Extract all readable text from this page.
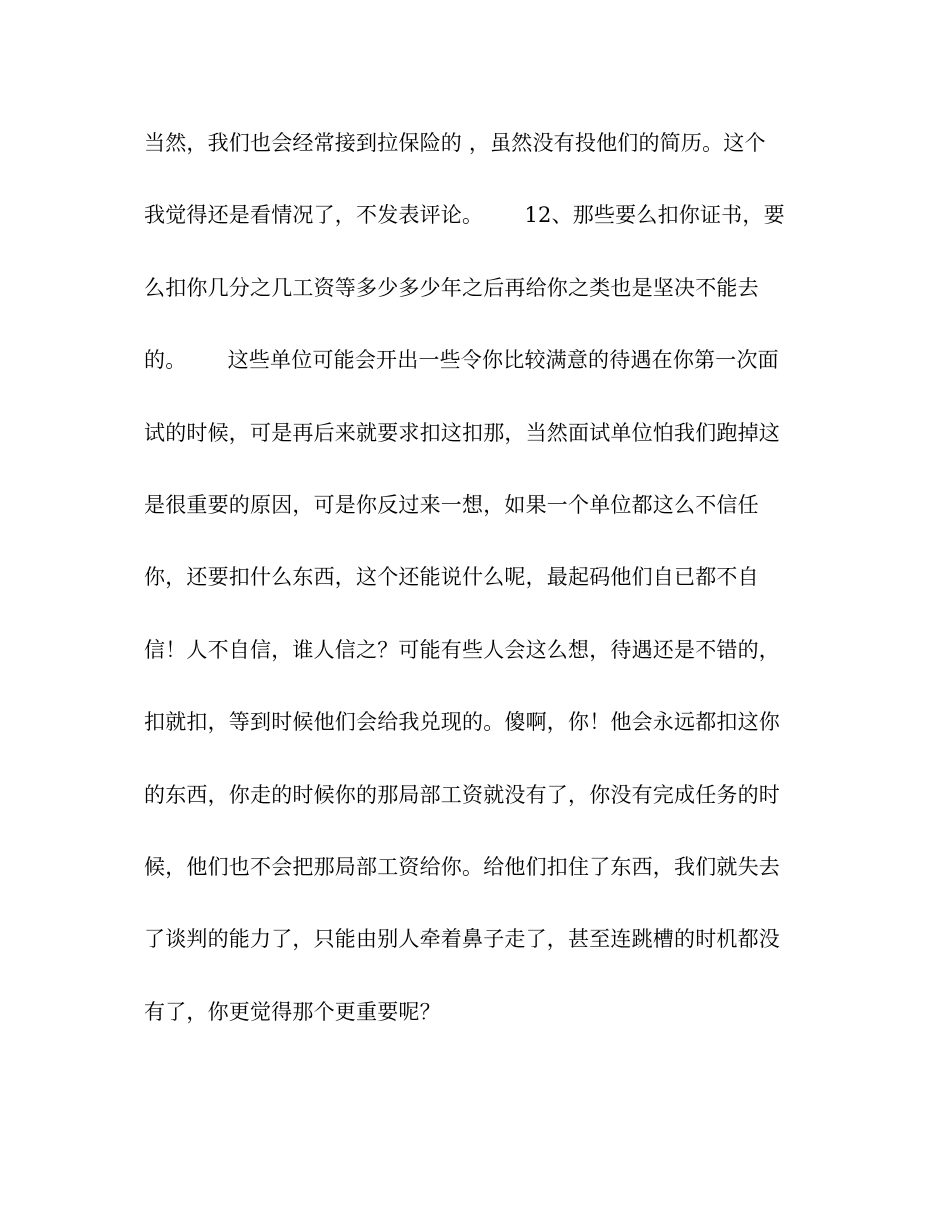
当然，我们也会经常接到拉保险的 ，虽然没有投他们的简历。这个
我觉得还是看情况了，不发表评论。      12、那些要么扣你证书，要
么扣你几分之几工资等多少多少年之后再给你之类也是坚决不能去
的。      这些单位可能会开出一些令你比较满意的待遇在你第一次面
试的时候，可是再后来就要求扣这扣那，当然面试单位怕我们跑掉这
是很重要的原因，可是你反过来一想，如果一个单位都这么不信任
你，还要扣什么东西，这个还能说什么呢，最起码他们自已都不自
信！人不自信，谁人信之？可能有些人会这么想，待遇还是不错的，
扣就扣，等到时候他们会给我兑现的。傻啊，你！他会永远都扣这你
的东西，你走的时候你的那局部工资就没有了，你没有完成任务的时
候，他们也不会把那局部工资给你。给他们扣住了东西，我们就失去
了谈判的能力了，只能由别人牵着鼻子走了，甚至连跳槽的时机都没
有了，你更觉得那个更重要呢？
